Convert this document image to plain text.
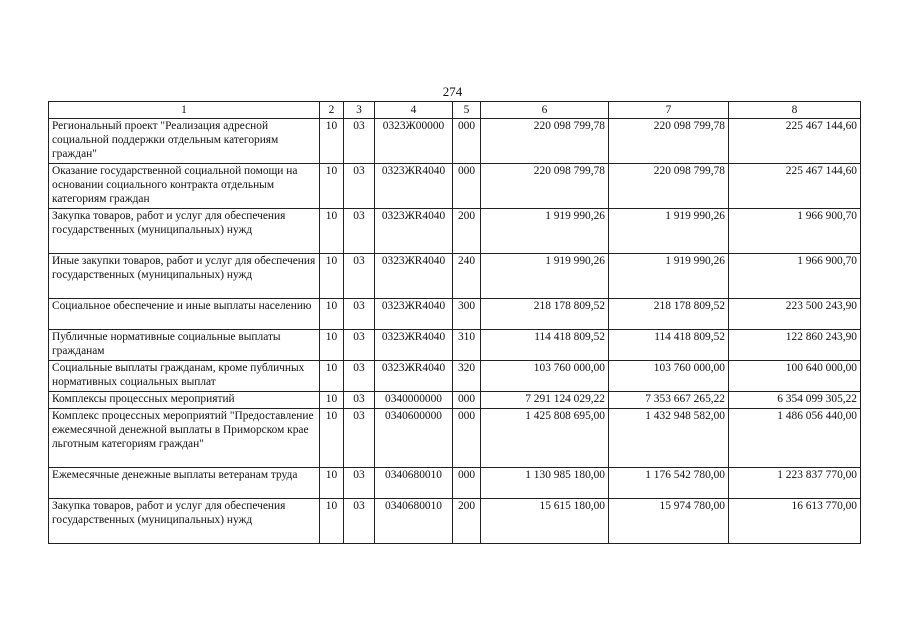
274
1	2	3	4	5	6	7	8
Региональный проект "Реализация адресной социальной поддержки отдельным категориям граждан"	10	03	0323Ж00000	000	220 098 799,78	220 098 799,78	225 467 144,60
Оказание государственной социальной помощи на основании социального контракта отдельным категориям граждан	10	03	0323ЖR4040	000	220 098 799,78	220 098 799,78	225 467 144,60
Закупка товаров, работ и услуг для обеспечения государственных (муниципальных) нужд	10	03	0323ЖR4040	200	1 919 990,26	1 919 990,26	1 966 900,70
Иные закупки товаров, работ и услуг для обеспечения государственных (муниципальных) нужд	10	03	0323ЖR4040	240	1 919 990,26	1 919 990,26	1 966 900,70
Социальное обеспечение и иные выплаты населению	10	03	0323ЖR4040	300	218 178 809,52	218 178 809,52	223 500 243,90
Публичные нормативные социальные выплаты гражданам	10	03	0323ЖR4040	310	114 418 809,52	114 418 809,52	122 860 243,90
Социальные выплаты гражданам, кроме публичных нормативных социальных выплат	10	03	0323ЖR4040	320	103 760 000,00	103 760 000,00	100 640 000,00
Комплексы процессных мероприятий	10	03	0340000000	000	7 291 124 029,22	7 353 667 265,22	6 354 099 305,22
Комплекс процессных мероприятий "Предоставление ежемесячной денежной выплаты в Приморском крае льготным категориям граждан"	10	03	0340600000	000	1 425 808 695,00	1 432 948 582,00	1 486 056 440,00
Ежемесячные денежные выплаты ветеранам труда	10	03	0340680010	000	1 130 985 180,00	1 176 542 780,00	1 223 837 770,00
Закупка товаров, работ и услуг для обеспечения государственных (муниципальных) нужд	10	03	0340680010	200	15 615 180,00	15 974 780,00	16 613 770,00
